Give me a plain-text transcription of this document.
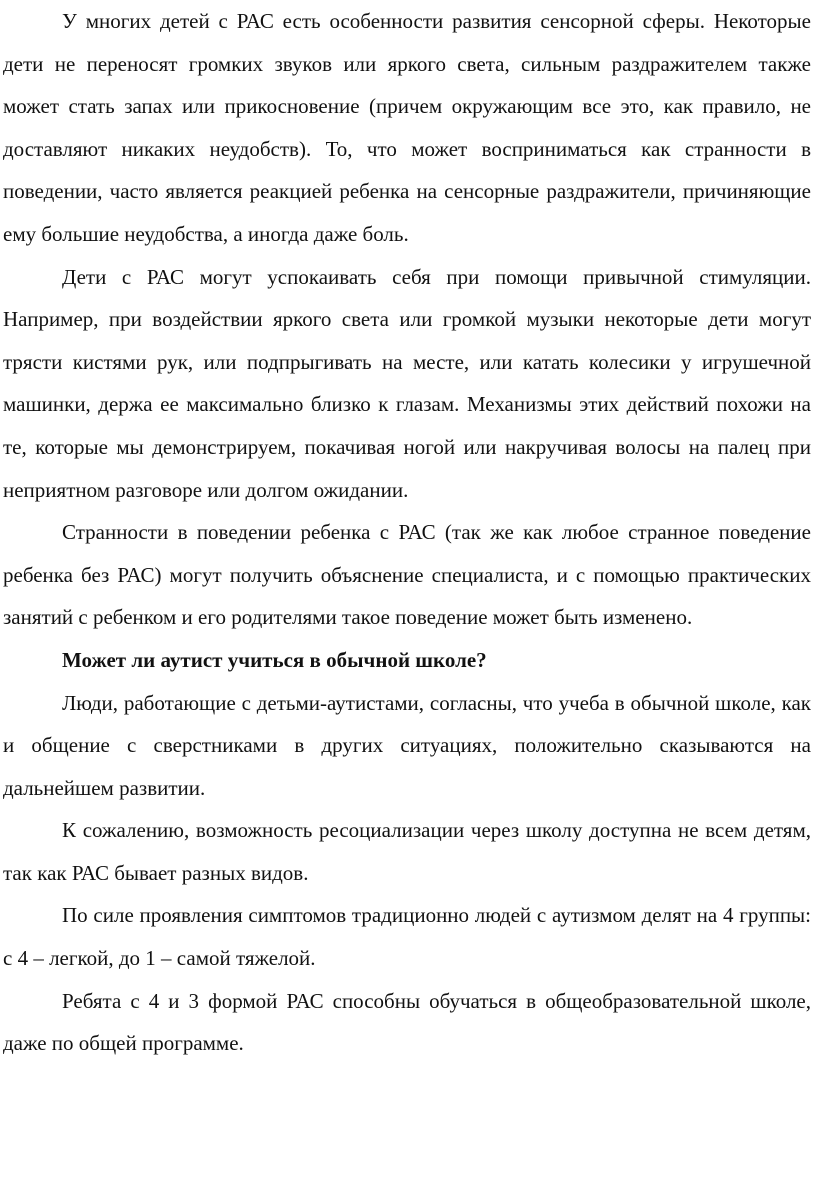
У многих детей с РАС есть особенности развития сенсорной сферы. Некоторые дети не переносят громких звуков или яркого света, сильным раздражителем также может стать запах или прикосновение (причем окружающим все это, как правило, не доставляют никаких неудобств). То, что может восприниматься как странности в поведении, часто является реакцией ребенка на сенсорные раздражители, причиняющие ему большие неудобства, а иногда даже боль.

Дети с РАС могут успокаивать себя при помощи привычной стимуляции. Например, при воздействии яркого света или громкой музыки некоторые дети могут трясти кистями рук, или подпрыгивать на месте, или катать колесики у игрушечной машинки, держа ее максимально близко к глазам. Механизмы этих действий похожи на те, которые мы демонстрируем, покачивая ногой или накручивая волосы на палец при неприятном разговоре или долгом ожидании.

Странности в поведении ребенка с РАС (так же как любое странное поведение ребенка без РАС) могут получить объяснение специалиста, и с помощью практических занятий с ребенком и его родителями такое поведение может быть изменено.

Может ли аутист учиться в обычной школе?

Люди, работающие с детьми-аутистами, согласны, что учеба в обычной школе, как и общение с сверстниками в других ситуациях, положительно сказываются на дальнейшем развитии.

К сожалению, возможность ресоциализации через школу доступна не всем детям, так как РАС бывает разных видов.

По силе проявления симптомов традиционно людей с аутизмом делят на 4 группы: с 4 – легкой, до 1 – самой тяжелой.

Ребята с 4 и 3 формой РАС способны обучаться в общеобразовательной школе, даже по общей программе.
